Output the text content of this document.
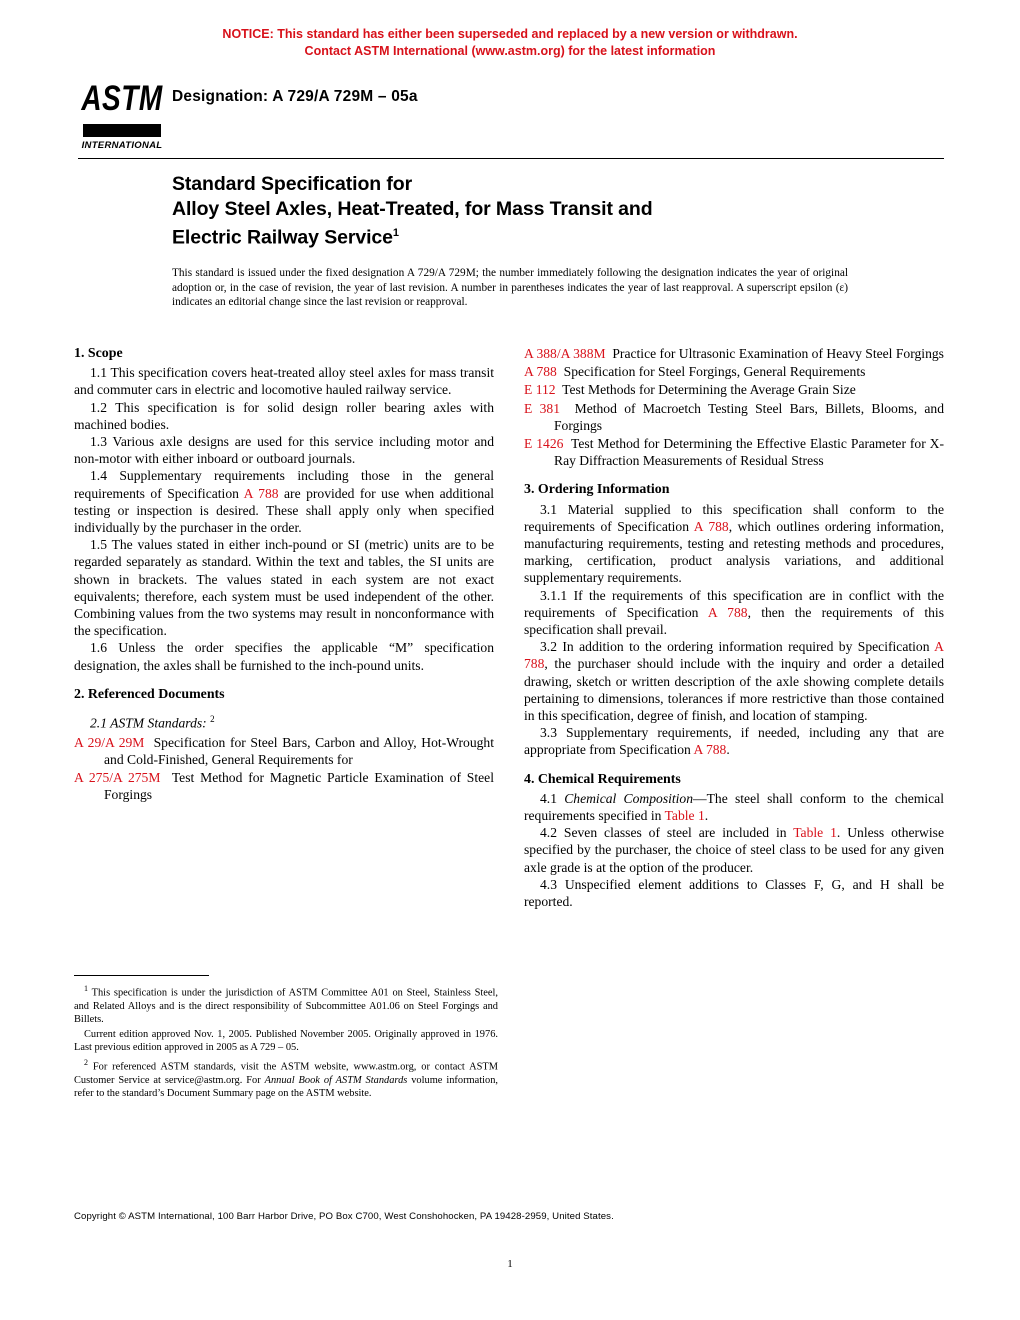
NOTICE: This standard has either been superseded and replaced by a new version or withdrawn.
Contact ASTM International (www.astm.org) for the latest information
ASTM
INTERNATIONAL
Designation: A 729/A 729M – 05a
Standard Specification for
Alloy Steel Axles, Heat-Treated, for Mass Transit and
Electric Railway Service$^1$
This standard is issued under the fixed designation A 729/A 729M; the number immediately following the designation indicates the year of original adoption or, in the case of revision, the year of last revision. A number in parentheses indicates the year of last reapproval. A superscript epsilon (ε) indicates an editorial change since the last revision or reapproval.
1. Scope

1.1 This specification covers heat-treated alloy steel axles for mass transit and commuter cars in electric and locomotive hauled railway service.

1.2 This specification is for solid design roller bearing axles with machined bodies.

1.3 Various axle designs are used for this service including motor and non-motor with either inboard or outboard journals.

1.4 Supplementary requirements including those in the general requirements of Specification A 788 are provided for use when additional testing or inspection is desired. These shall apply only when specified individually by the purchaser in the order.

1.5 The values stated in either inch-pound or SI (metric) units are to be regarded separately as standard. Within the text and tables, the SI units are shown in brackets. The values stated in each system are not exact equivalents; therefore, each system must be used independent of the other. Combining values from the two systems may result in nonconformance with the specification.

1.6 Unless the order specifies the applicable “M” specification designation, the axles shall be furnished to the inch-pound units.

2. Referenced Documents
2.1 ASTM Standards: $^2$

A 29/A 29M Specification for Steel Bars, Carbon and Alloy, Hot-Wrought and Cold-Finished, General Requirements for

A 275/A 275M Test Method for Magnetic Particle Examination of Steel Forgings

A 388/A 388M Practice for Ultrasonic Examination of Heavy Steel Forgings

A 788 Specification for Steel Forgings, General Requirements

E 112 Test Methods for Determining the Average Grain Size

E 381 Method of Macroetch Testing Steel Bars, Billets, Blooms, and Forgings

E 1426 Test Method for Determining the Effective Elastic Parameter for X-Ray Diffraction Measurements of Residual Stress

3. Ordering Information

3.1 Material supplied to this specification shall conform to the requirements of Specification A 788, which outlines ordering information, manufacturing requirements, testing and retesting methods and procedures, marking, certification, product analysis variations, and additional supplementary requirements.

3.1.1 If the requirements of this specification are in conflict with the requirements of Specification A 788, then the requirements of this specification shall prevail.

3.2 In addition to the ordering information required by Specification A 788, the purchaser should include with the inquiry and order a detailed drawing, sketch or written description of the axle showing complete details pertaining to dimensions, tolerances if more restrictive than those contained in this specification, degree of finish, and location of stamping.

3.3 Supplementary requirements, if needed, including any that are appropriate from Specification A 788.

4. Chemical Requirements

4.1 Chemical Composition—The steel shall conform to the chemical requirements specified in Table 1.

4.2 Seven classes of steel are included in Table 1. Unless otherwise specified by the purchaser, the choice of steel class to be used for any given axle grade is at the option of the producer.

4.3 Unspecified element additions to Classes F, G, and H shall be reported.

$^1$ This specification is under the jurisdiction of ASTM Committee A01 on Steel, Stainless Steel, and Related Alloys and is the direct responsibility of Subcommittee A01.06 on Steel Forgings and Billets.

Current edition approved Nov. 1, 2005. Published November 2005. Originally approved in 1976. Last previous edition approved in 2005 as A 729 – 05.

$^2$ For referenced ASTM standards, visit the ASTM website, www.astm.org, or contact ASTM Customer Service at service@astm.org. For Annual Book of ASTM Standards volume information, refer to the standard’s Document Summary page on the ASTM website.

Copyright © ASTM International, 100 Barr Harbor Drive, PO Box C700, West Conshohocken, PA 19428-2959, United States.
1
